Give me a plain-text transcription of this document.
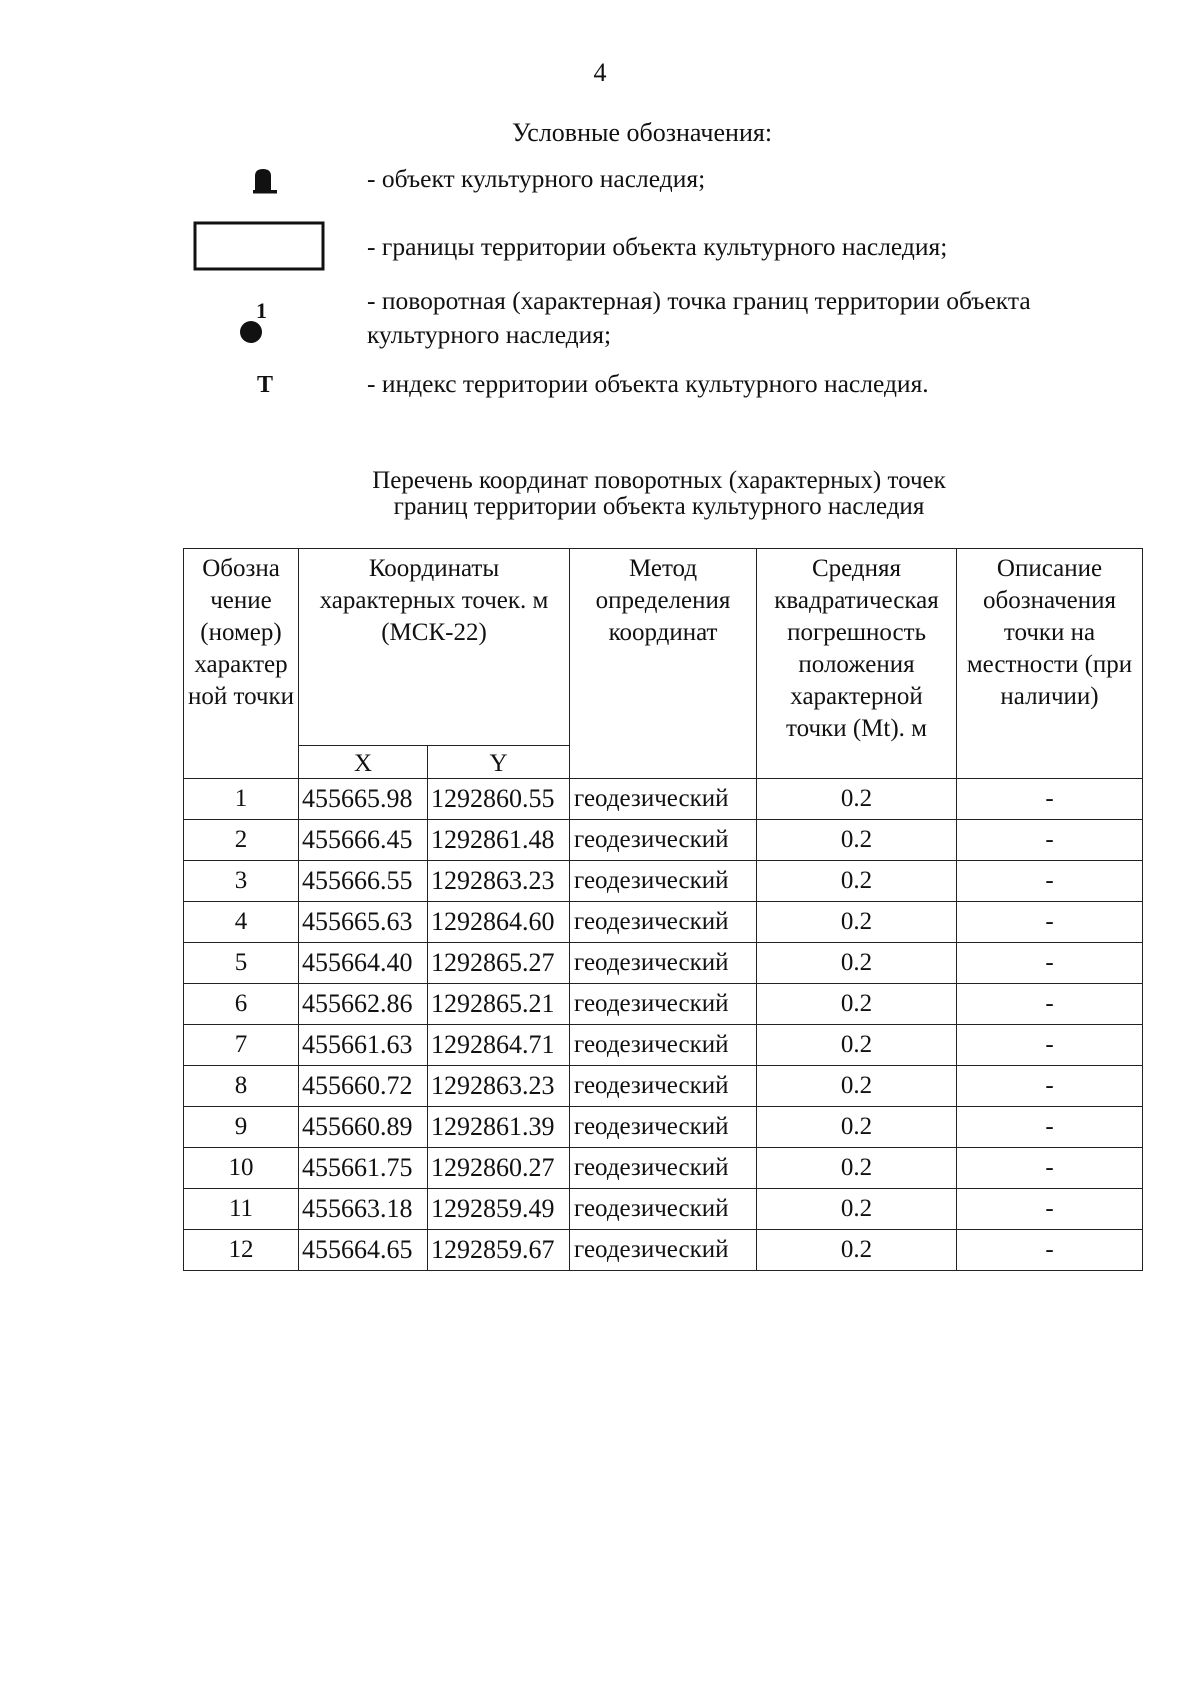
4
Условные обозначения:
- объект культурного наследия;
- границы территории объекта культурного наследия;
1	- поворотная (характерная) точка границ территории объекта культурного наследия;
Т	- индекс территории объекта культурного наследия.
Перечень координат поворотных (характерных) точек
границ территории объекта культурного наследия
Обозна чение (номер) характер ной точки	Координаты характерных точек. м (МСК-22)		Метод определения координат	Средняя квадратическая погрешность положения характерной точки (Mt). м	Описание обозначения точки на местности (при наличии)
	X	Y			
1	455665.98	1292860.55	геодезический	0.2	-
2	455666.45	1292861.48	геодезический	0.2	-
3	455666.55	1292863.23	геодезический	0.2	-
4	455665.63	1292864.60	геодезический	0.2	-
5	455664.40	1292865.27	геодезический	0.2	-
6	455662.86	1292865.21	геодезический	0.2	-
7	455661.63	1292864.71	геодезический	0.2	-
8	455660.72	1292863.23	геодезический	0.2	-
9	455660.89	1292861.39	геодезический	0.2	-
10	455661.75	1292860.27	геодезический	0.2	-
11	455663.18	1292859.49	геодезический	0.2	-
12	455664.65	1292859.67	геодезический	0.2	-
